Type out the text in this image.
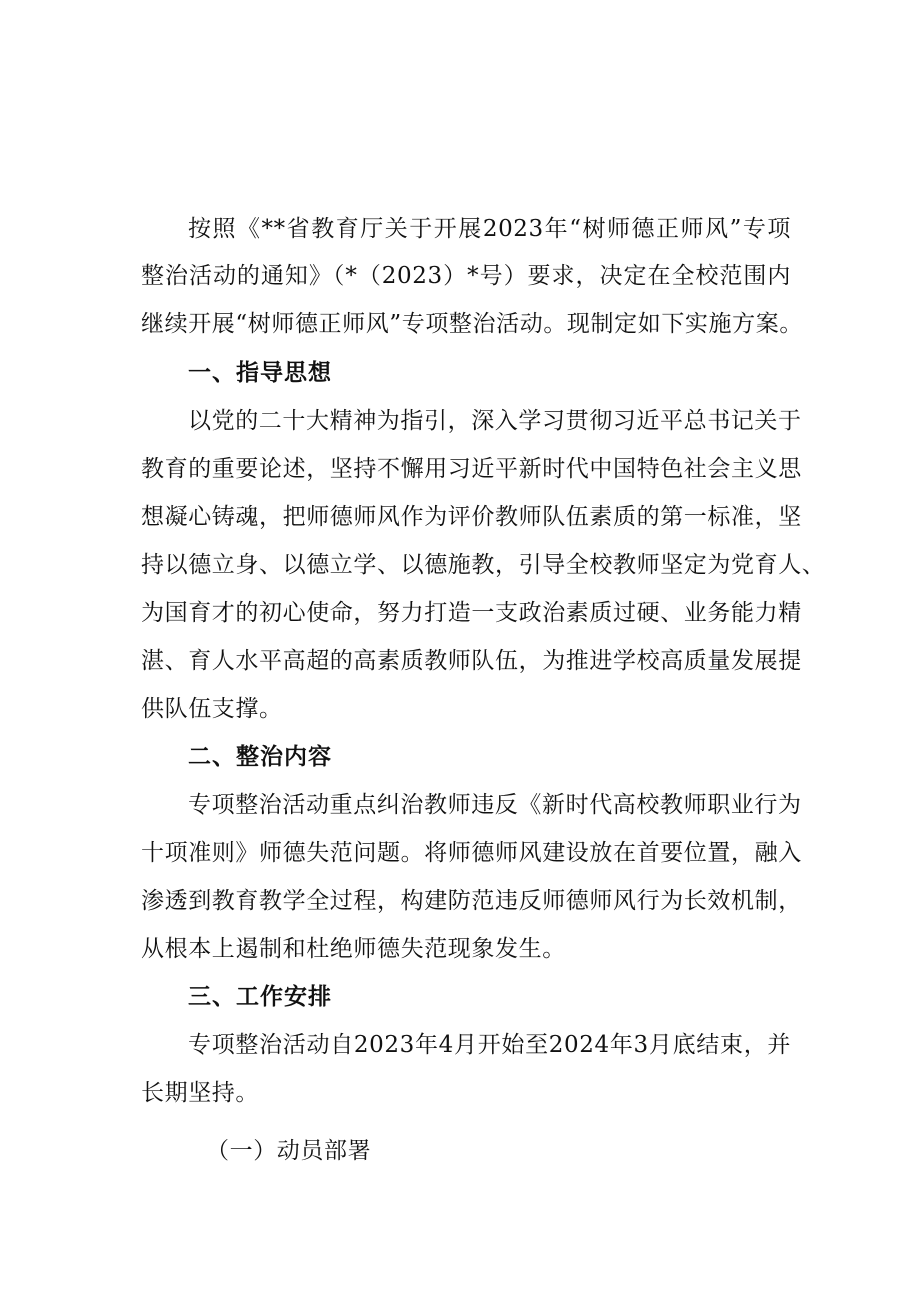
按照《**省教育厅关于开展2023年“树师德正师风”专项
整治活动的通知》（*（2023）*号）要求，决定在全校范围内
继续开展“树师德正师风”专项整治活动。现制定如下实施方案。
一、指导思想
以党的二十大精神为指引，深入学习贯彻习近平总书记关于
教育的重要论述，坚持不懈用习近平新时代中国特色社会主义思
想凝心铸魂，把师德师风作为评价教师队伍素质的第一标准，坚
持以德立身、以德立学、以德施教，引导全校教师坚定为党育人、
为国育才的初心使命，努力打造一支政治素质过硬、业务能力精
湛、育人水平高超的高素质教师队伍，为推进学校高质量发展提
供队伍支撑。
二、整治内容
专项整治活动重点纠治教师违反《新时代高校教师职业行为
十项准则》师德失范问题。将师德师风建设放在首要位置，融入
渗透到教育教学全过程，构建防范违反师德师风行为长效机制，
从根本上遏制和杜绝师德失范现象发生。
三、工作安排
专项整治活动自2023年4月开始至2024年3月底结束，并
长期坚持。
（一）动员部署
